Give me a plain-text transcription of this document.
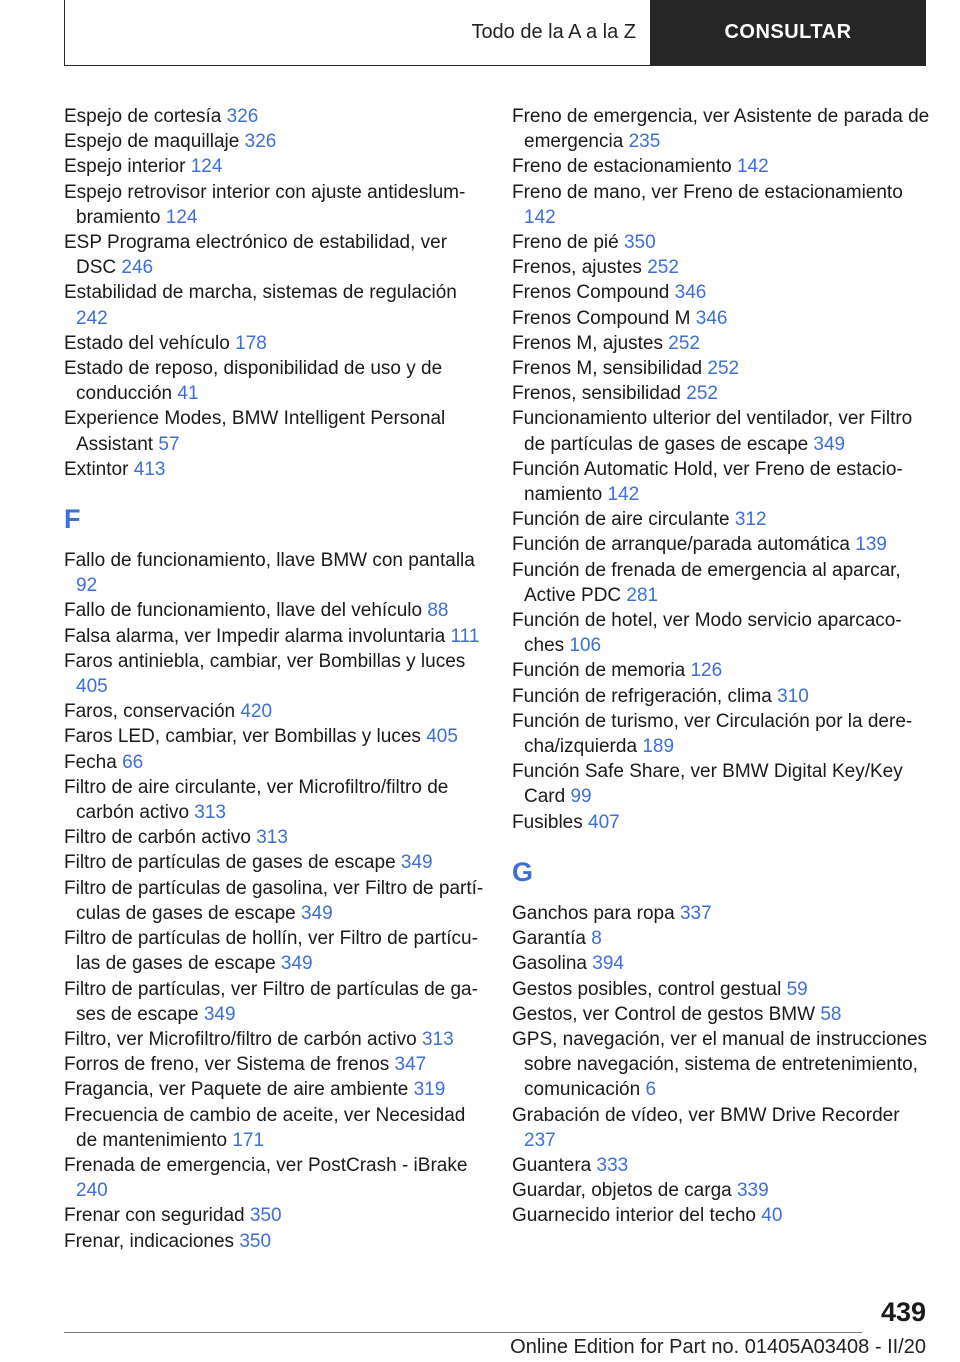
Todo de la A a la Z	CONSULTAR
Espejo de cortesía 326
Espejo de maquillaje 326
Espejo interior 124
Espejo retrovisor interior con ajuste antideslumbramiento 124
ESP Programa electrónico de estabilidad, ver DSC 246
Estabilidad de marcha, sistemas de regulación 242
Estado del vehículo 178
Estado de reposo, disponibilidad de uso y de conducción 41
Experience Modes, BMW Intelligent Personal Assistant 57
Extintor 413
F
Fallo de funcionamiento, llave BMW con pantalla 92
Fallo de funcionamiento, llave del vehículo 88
Falsa alarma, ver Impedir alarma involuntaria 111
Faros antiniebla, cambiar, ver Bombillas y luces 405
Faros, conservación 420
Faros LED, cambiar, ver Bombillas y luces 405
Fecha 66
Filtro de aire circulante, ver Microfiltro/filtro de carbón activo 313
Filtro de carbón activo 313
Filtro de partículas de gases de escape 349
Filtro de partículas de gasolina, ver Filtro de partículas de gases de escape 349
Filtro de partículas de hollín, ver Filtro de partículas de gases de escape 349
Filtro de partículas, ver Filtro de partículas de gases de escape 349
Filtro, ver Microfiltro/filtro de carbón activo 313
Forros de freno, ver Sistema de frenos 347
Fragancia, ver Paquete de aire ambiente 319
Frecuencia de cambio de aceite, ver Necesidad de mantenimiento 171
Frenada de emergencia, ver PostCrash - iBrake 240
Frenar con seguridad 350
Frenar, indicaciones 350
Freno de emergencia, ver Asistente de parada de emergencia 235
Freno de estacionamiento 142
Freno de mano, ver Freno de estacionamiento 142
Freno de pié 350
Frenos, ajustes 252
Frenos Compound 346
Frenos Compound M 346
Frenos M, ajustes 252
Frenos M, sensibilidad 252
Frenos, sensibilidad 252
Funcionamiento ulterior del ventilador, ver Filtro de partículas de gases de escape 349
Función Automatic Hold, ver Freno de estacionamiento 142
Función de aire circulante 312
Función de arranque/parada automática 139
Función de frenada de emergencia al aparcar, Active PDC 281
Función de hotel, ver Modo servicio aparcacoches 106
Función de memoria 126
Función de refrigeración, clima 310
Función de turismo, ver Circulación por la derecha/izquierda 189
Función Safe Share, ver BMW Digital Key/Key Card 99
Fusibles 407
G
Ganchos para ropa 337
Garantía 8
Gasolina 394
Gestos posibles, control gestual 59
Gestos, ver Control de gestos BMW 58
GPS, navegación, ver el manual de instrucciones sobre navegación, sistema de entretenimiento, comunicación 6
Grabación de vídeo, ver BMW Drive Recorder 237
Guantera 333
Guardar, objetos de carga 339
Guarnecido interior del techo 40
439
Online Edition for Part no. 01405A03408 - II/20
